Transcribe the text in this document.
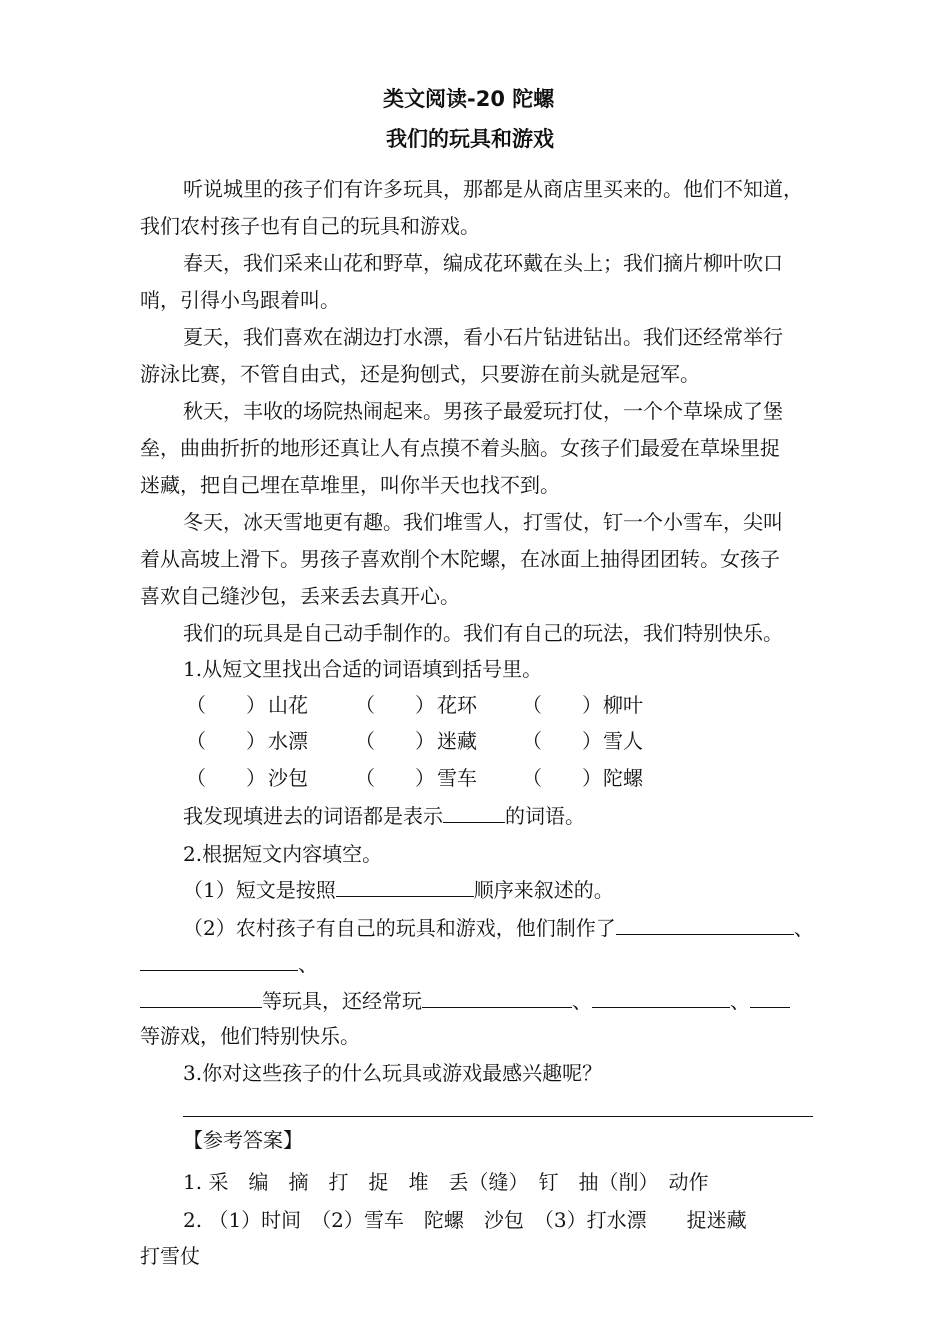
类文阅读-20 陀螺
我们的玩具和游戏
听说城里的孩子们有许多玩具，那都是从商店里买来的。他们不知道，
我们农村孩子也有自己的玩具和游戏。
春天，我们采来山花和野草，编成花环戴在头上；我们摘片柳叶吹口
哨，引得小鸟跟着叫。
夏天，我们喜欢在湖边打水漂，看小石片钻进钻出。我们还经常举行
游泳比赛，不管自由式，还是狗刨式，只要游在前头就是冠军。
秋天，丰收的场院热闹起来。男孩子最爱玩打仗，一个个草垛成了堡
垒，曲曲折折的地形还真让人有点摸不着头脑。女孩子们最爱在草垛里捉
迷藏，把自己埋在草堆里，叫你半天也找不到。
冬天，冰天雪地更有趣。我们堆雪人，打雪仗，钉一个小雪车，尖叫
着从高坡上滑下。男孩子喜欢削个木陀螺，在冰面上抽得团团转。女孩子
喜欢自己缝沙包，丢来丢去真开心。
我们的玩具是自己动手制作的。我们有自己的玩法，我们特别快乐。
1.从短文里找出合适的词语填到括号里。
（　　） 山花 （　　） 花环 （　　） 柳叶
（　　） 水漂 （　　） 迷藏 （　　） 雪人
（　　） 沙包 （　　） 雪车 （　　） 陀螺
我发现填进去的词语都是表示	的词语。
2.根据短文内容填空。
（1）短文是按照	顺序来叙述的。
（2）农村孩子有自己的玩具和游戏，他们制作了	、
、
等玩具，还经常玩	、	、
等游戏，他们特别快乐。
3.你对这些孩子的什么玩具或游戏最感兴趣呢？
【参考答案】
1. 采　编　摘　打　捉　堆　丢（缝）　钉　抽（削）　动作
2. （1）时间　（2）雪车　陀螺　沙包　（3）打水漂　　捉迷藏
打雪仗
